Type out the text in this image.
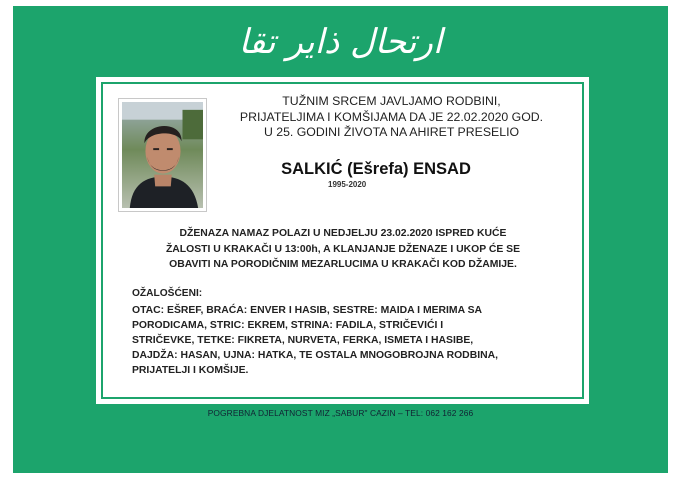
ارتحال ذاير تقا
TUŽNIM SRCEM JAVLJAMO RODBINI,
PRIJATELJIMA I KOMŠIJAMA DA JE 22.02.2020 GOD.
U 25. GODINI ŽIVOTA NA AHIRET PRESELIO
SALKIĆ (Ešrefa) ENSAD
1995-2020
DŽENAZA NAMAZ POLAZI U NEDJELJU 23.02.2020 ISPRED KUĆE
ŽALOSTI U KRAKAČI U 13:00h, A KLANJANJE DŽENAZE I UKOP ĆE SE
OBAVITI NA PORODIČNIM MEZARLUCIMA U KRAKAČI KOD DŽAMIJE.
OŽALOŠĆENI:
OTAC: EŠREF, BRAĆA: ENVER I HASIB, SESTRE: MAIDA I MERIMA SA
PORODICAMA, STRIC: EKREM, STRINA: FADILA, STRIČEVIĆI I
STRIČEVKE, TETKE: FIKRETA, NURVETA, FERKA, ISMETA I HASIBE,
DAJDŽA: HASAN, UJNA: HATKA, TE OSTALA MNOGOBROJNA RODBINA,
PRIJATELJI I KOMŠIJE.
POGREBNA DJELATNOST MIZ „SABUR" CAZIN – TEL: 062 162 266
